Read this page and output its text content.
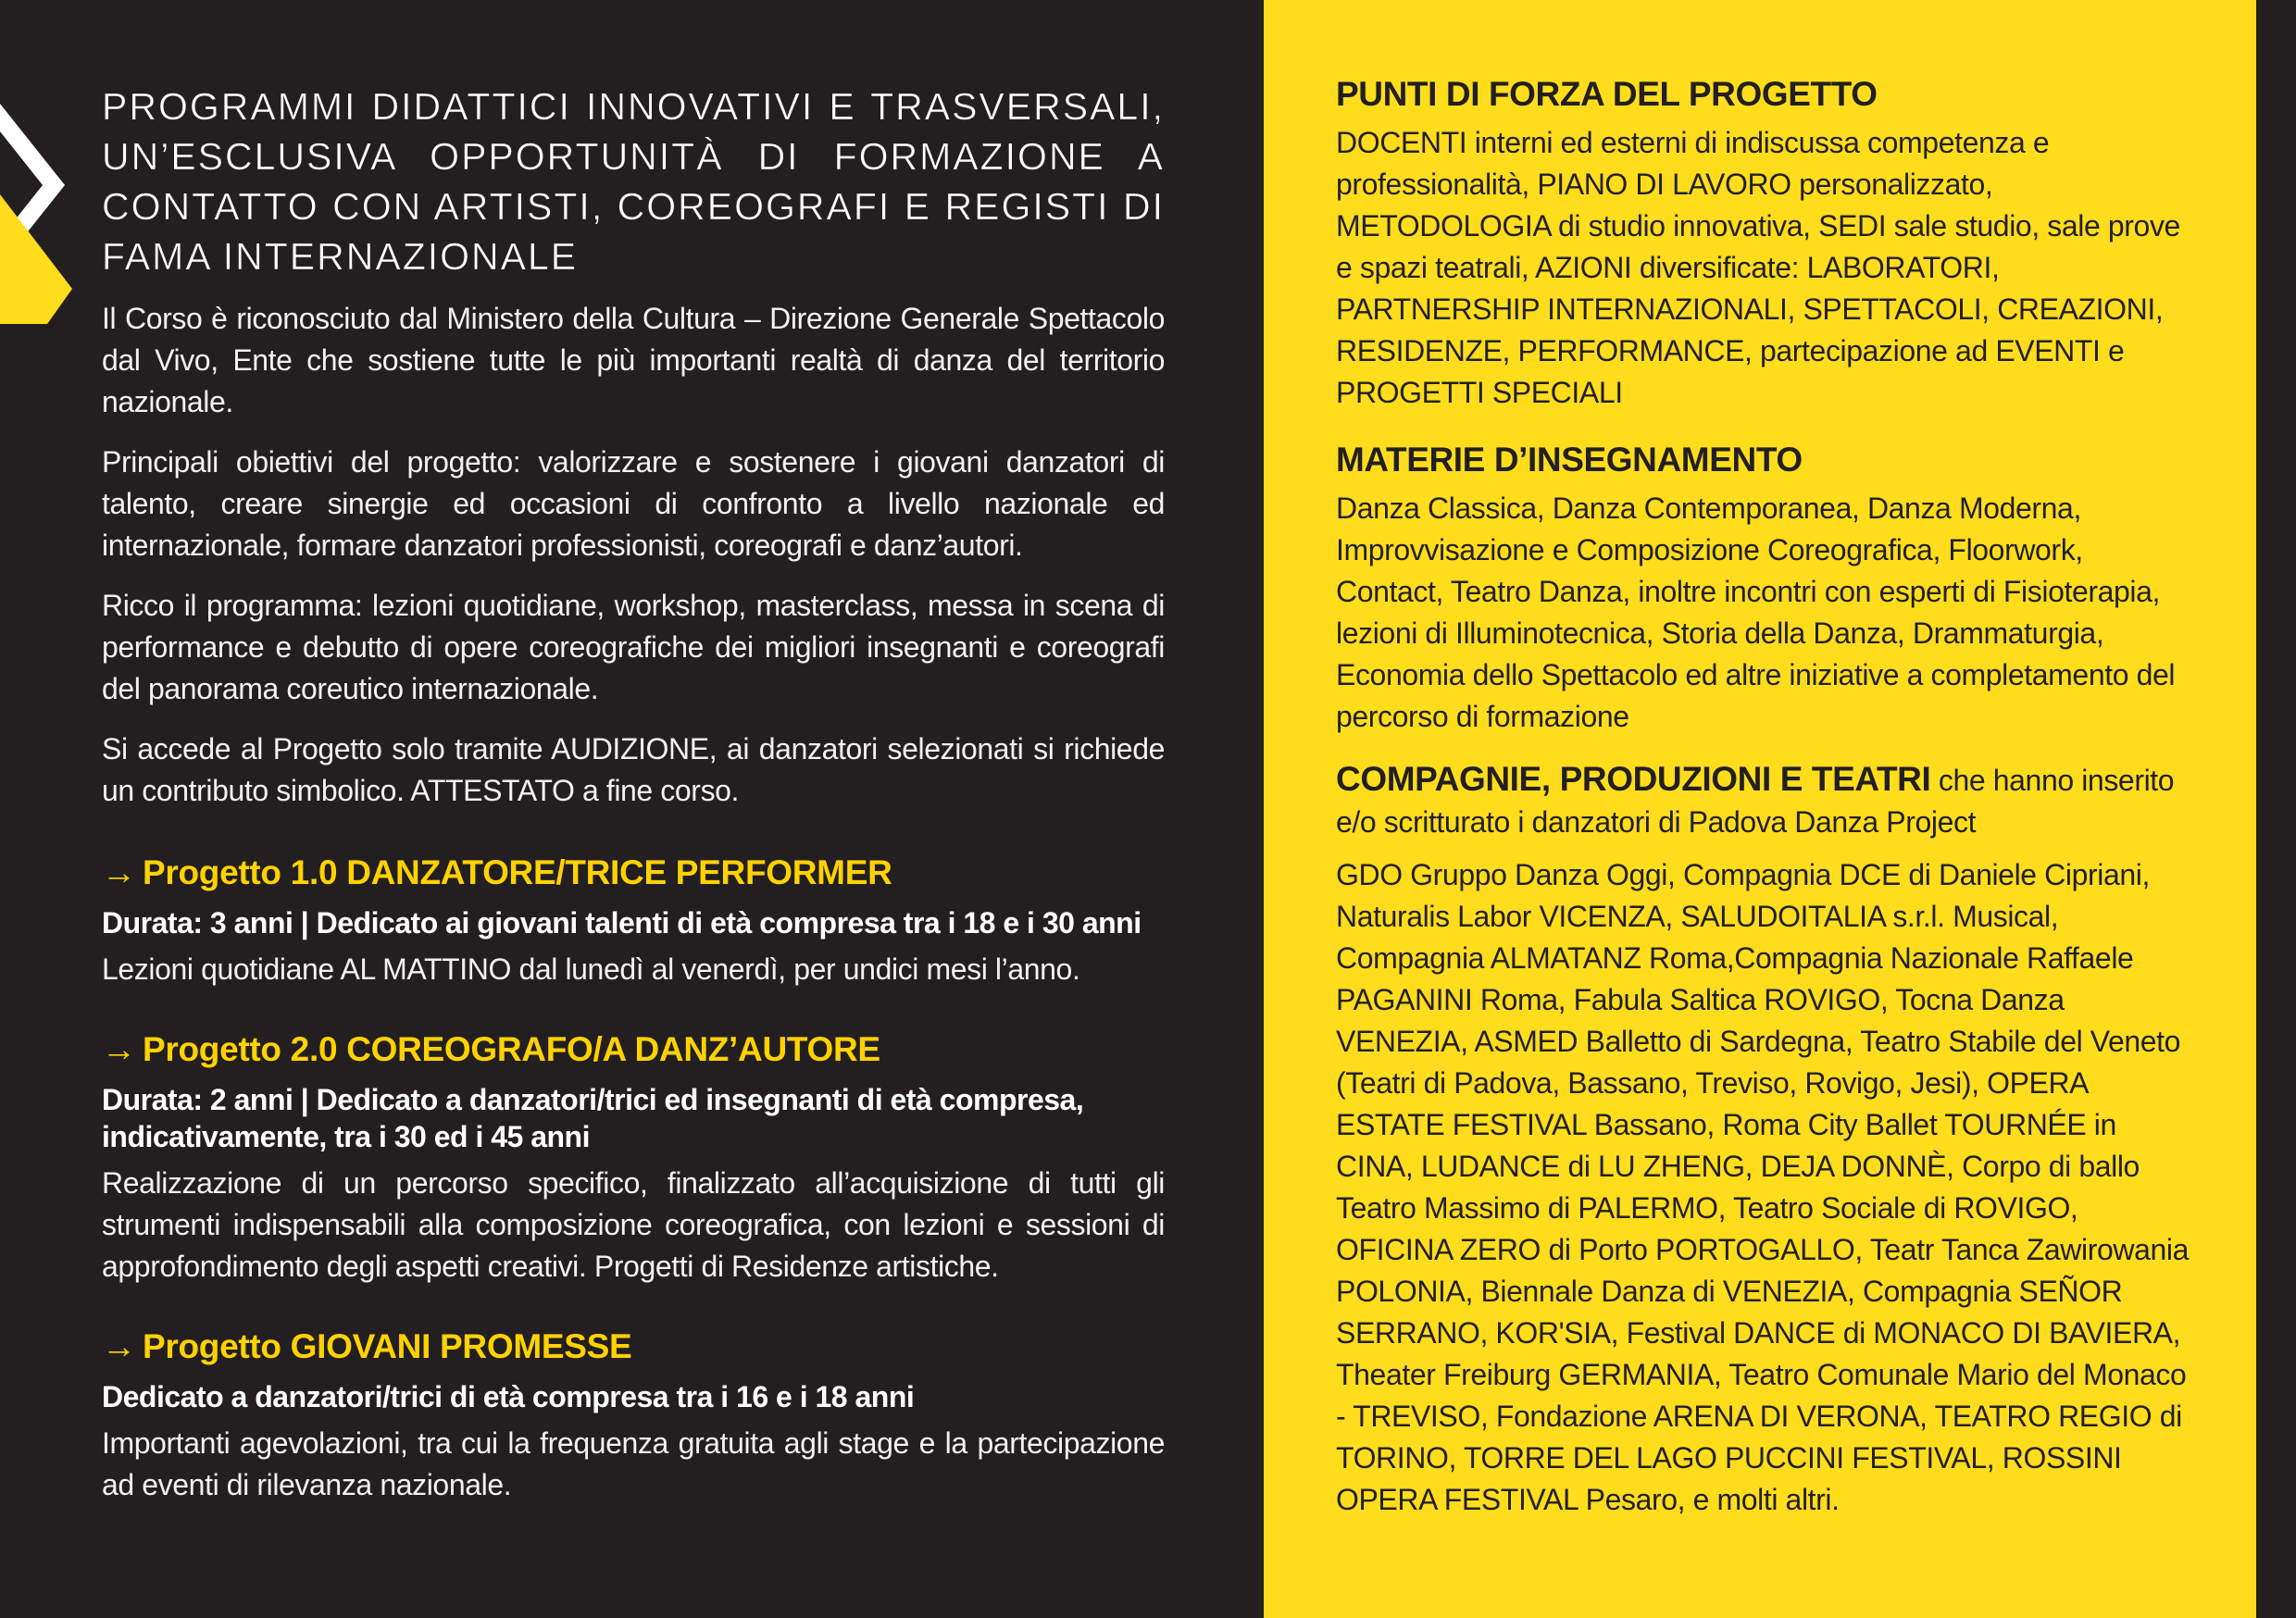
PROGRAMMI DIDATTICI INNOVATIVI E TRASVERSALI, UN’ESCLUSIVA OPPORTUNITÀ DI FORMAZIONE A CONTATTO CON ARTISTI, COREOGRAFI E REGISTI DI FAMA INTERNAZIONALE

Il Corso è riconosciuto dal Ministero della Cultura – Direzione Generale Spettacolo dal Vivo, Ente che sostiene tutte le più importanti realtà di danza del territorio nazionale.

Principali obiettivi del progetto: valorizzare e sostenere i giovani danzatori di talento, creare sinergie ed occasioni di confronto a livello nazionale ed internazionale, formare danzatori professionisti, coreografi e danz’autori.

Ricco il programma: lezioni quotidiane, workshop, masterclass, messa in scena di performance e debutto di opere coreografiche dei migliori insegnanti e coreografi del panorama coreutico internazionale.

Si accede al Progetto solo tramite AUDIZIONE, ai danzatori selezionati si richiede un contributo simbolico. ATTESTATO a fine corso.

→ Progetto 1.0 DANZATORE/TRICE PERFORMER
Durata: 3 anni | Dedicato ai giovani talenti di età compresa tra i 18 e i 30 anni

Lezioni quotidiane AL MATTINO dal lunedì al venerdì, per undici mesi l’anno.

→ Progetto 2.0 COREOGRAFO/A DANZ’AUTORE
Durata: 2 anni | Dedicato a danzatori/trici ed insegnanti di età compresa, indicativamente, tra i 30 ed i 45 anni

Realizzazione di un percorso specifico, finalizzato all’acquisizione di tutti gli strumenti indispensabili alla composizione coreografica, con lezioni e sessioni di approfondimento degli aspetti creativi. Progetti di Residenze artistiche.

→ Progetto GIOVANI PROMESSE
Dedicato a danzatori/trici di età compresa tra i 16 e i 18 anni

Importanti agevolazioni, tra cui la frequenza gratuita agli stage e la partecipazione ad eventi di rilevanza nazionale.

PUNTI DI FORZA DEL PROGETTO

DOCENTI interni ed esterni di indiscussa competenza e professionalità, PIANO DI LAVORO personalizzato, METODOLOGIA di studio innovativa, SEDI sale studio, sale prove e spazi teatrali, AZIONI diversificate: LABORATORI, PARTNERSHIP INTERNAZIONALI, SPETTACOLI, CREAZIONI, RESIDENZE, PERFORMANCE, partecipazione ad EVENTI e PROGETTI SPECIALI

MATERIE D’INSEGNAMENTO

Danza Classica, Danza Contemporanea, Danza Moderna, Improvvisazione e Composizione Coreografica, Floorwork, Contact, Teatro Danza, inoltre incontri con esperti di Fisioterapia, lezioni di Illuminotecnica, Storia della Danza, Drammaturgia, Economia dello Spettacolo ed altre iniziative a completamento del percorso di formazione

COMPAGNIE, PRODUZIONI E TEATRI che hanno inserito e/o scritturato i danzatori di Padova Danza Project

GDO Gruppo Danza Oggi, Compagnia DCE di Daniele Cipriani, Naturalis Labor VICENZA, SALUDOITALIA s.r.l. Musical, Compagnia ALMATANZ Roma,Compagnia Nazionale Raffaele PAGANINI Roma, Fabula Saltica ROVIGO, Tocna Danza VENEZIA, ASMED Balletto di Sardegna, Teatro Stabile del Veneto (Teatri di Padova, Bassano, Treviso, Rovigo, Jesi), OPERA ESTATE FESTIVAL Bassano, Roma City Ballet TOURNÉE in CINA, LUDANCE di LU ZHENG, DEJA DONNÈ, Corpo di ballo Teatro Massimo di PALERMO, Teatro Sociale di ROVIGO, OFICINA ZERO di Porto PORTOGALLO, Teatr Tanca Zawirowania POLONIA, Biennale Danza di VENEZIA, Compagnia SEÑOR SERRANO, KOR'SIA, Festival DANCE di MONACO DI BAVIERA, Theater Freiburg GERMANIA, Teatro Comunale Mario del Monaco - TREVISO, Fondazione ARENA DI VERONA, TEATRO REGIO di TORINO, TORRE DEL LAGO PUCCINI FESTIVAL, ROSSINI OPERA FESTIVAL Pesaro, e molti altri.
